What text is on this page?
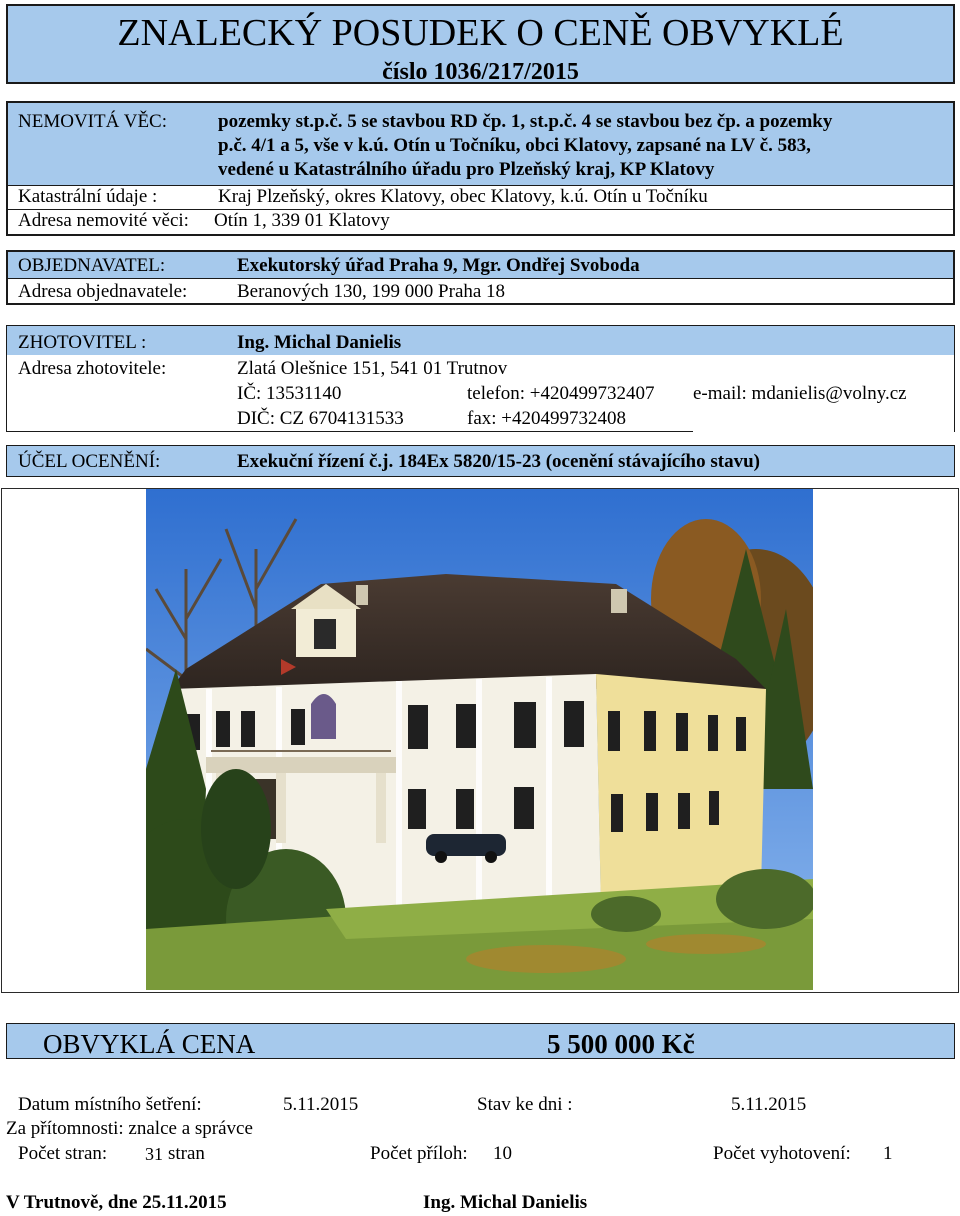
ZNALECKÝ POSUDEK O CENĚ OBVYKLÉ
číslo 1036/217/2015
NEMOVITÁ VĚC:	pozemky st.p.č. 5 se stavbou RD čp. 1, st.p.č. 4 se stavbou bez čp. a pozemky
p.č. 4/1 a 5, vše v k.ú. Otín u Točníku, obci Klatovy, zapsané na LV č. 583,
vedené u Katastrálního úřadu pro Plzeňský kraj, KP Klatovy
Katastrální údaje :	Kraj Plzeňský, okres Klatovy, obec Klatovy, k.ú. Otín u Točníku
Adresa nemovité věci: Otín 1, 339 01 Klatovy
OBJEDNAVATEL:	Exekutorský úřad Praha 9, Mgr. Ondřej Svoboda
Adresa objednavatele:	Beranových 130, 199 000 Praha 18
ZHOTOVITEL :	Ing. Michal Danielis
Adresa zhotovitele:	Zlatá Olešnice 151, 541 01 Trutnov
IČ: 13531140	telefon: +420499732407 e-mail: mdanielis@volny.cz
DIČ: CZ 6704131533	fax: +420499732408
ÚČEL OCENĚNÍ:	Exekuční řízení č.j. 184Ex 5820/15-23 (ocenění stávajícího stavu)
OBVYKLÁ CENA	5 500 000 Kč
Datum místního šetření:	5.11.2015	Stav ke dni :	5.11.2015
Za přítomnosti: znalce a správce
Počet stran: 31 stran	Počet příloh: 10	Počet vyhotovení: 1
V Trutnově, dne 25.11.2015	Ing. Michal Danielis
